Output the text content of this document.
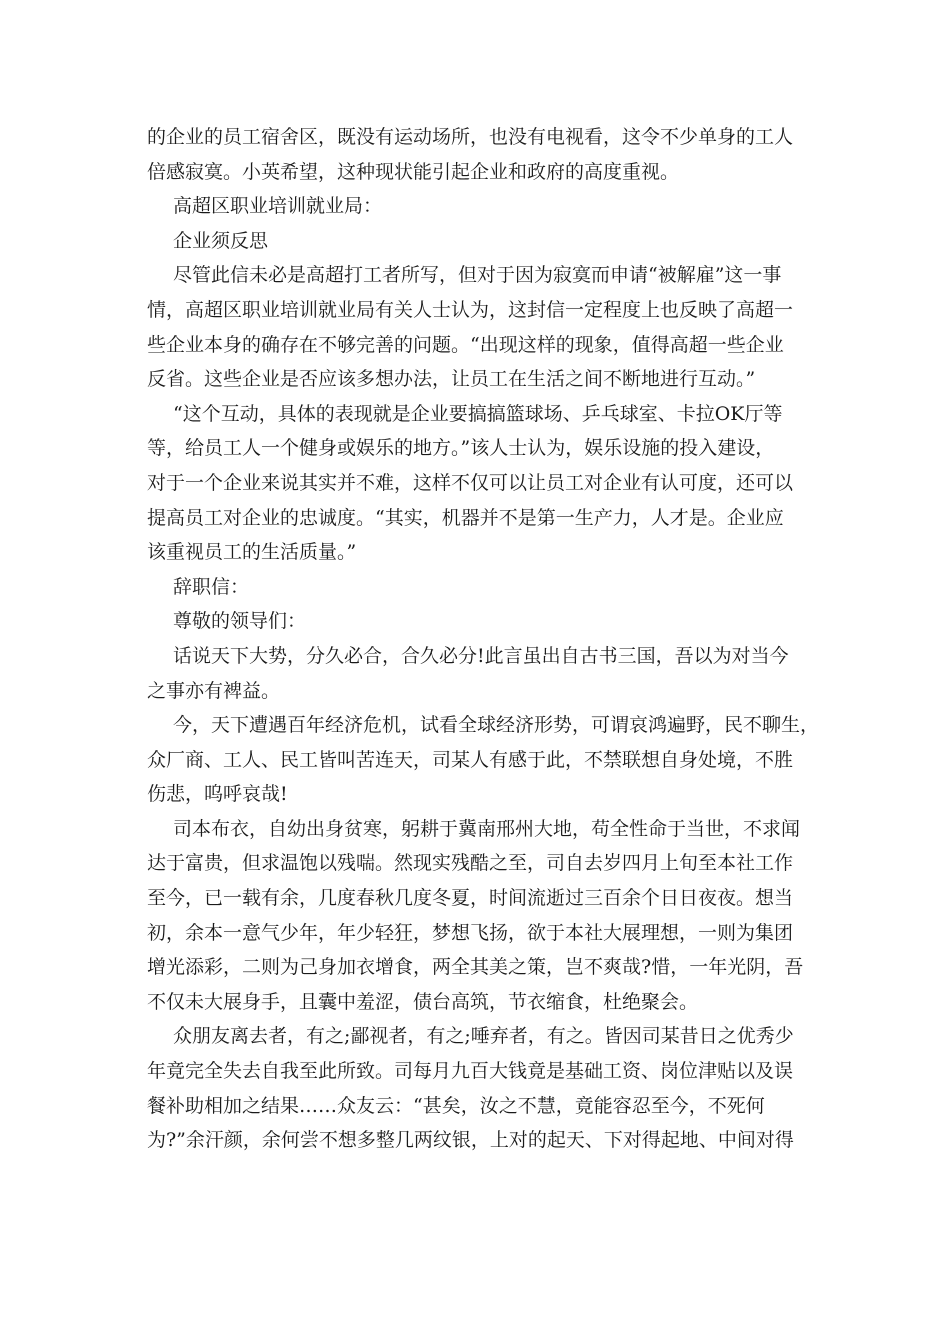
的企业的员工宿舍区，既没有运动场所，也没有电视看，这令不少单身的工人
倍感寂寞。小英希望，这种现状能引起企业和政府的高度重视。
高超区职业培训就业局：
企业须反思
尽管此信未必是高超打工者所写，但对于因为寂寞而申请“被解雇”这一事
情，高超区职业培训就业局有关人士认为，这封信一定程度上也反映了高超一
些企业本身的确存在不够完善的问题。“出现这样的现象，值得高超一些企业
反省。这些企业是否应该多想办法，让员工在生活之间不断地进行互动。”
“这个互动，具体的表现就是企业要搞搞篮球场、乒乓球室、卡拉OK厅等
等，给员工人一个健身或娱乐的地方。”该人士认为，娱乐设施的投入建设，
对于一个企业来说其实并不难，这样不仅可以让员工对企业有认可度，还可以
提高员工对企业的忠诚度。“其实，机器并不是第一生产力，人才是。企业应
该重视员工的生活质量。”
辞职信：
尊敬的领导们：
话说天下大势，分久必合，合久必分!此言虽出自古书三国，吾以为对当今
之事亦有裨益。
今，天下遭遇百年经济危机，试看全球经济形势，可谓哀鸿遍野，民不聊生，
众厂商、工人、民工皆叫苦连天，司某人有感于此，不禁联想自身处境，不胜
伤悲，呜呼哀哉!
司本布衣，自幼出身贫寒，躬耕于冀南邢州大地，苟全性命于当世，不求闻
达于富贵，但求温饱以残喘。然现实残酷之至，司自去岁四月上旬至本社工作
至今，已一载有余，几度春秋几度冬夏，时间流逝过三百余个日日夜夜。想当
初，余本一意气少年，年少轻狂，梦想飞扬，欲于本社大展理想，一则为集团
增光添彩，二则为己身加衣增食，两全其美之策，岂不爽哉?惜，一年光阴，吾
不仅未大展身手，且囊中羞涩，债台高筑，节衣缩食，杜绝聚会。
众朋友离去者，有之;鄙视者，有之;唾弃者，有之。皆因司某昔日之优秀少
年竟完全失去自我至此所致。司每月九百大钱竟是基础工资、岗位津贴以及误
餐补助相加之结果……众友云：“甚矣，汝之不慧，竟能容忍至今，不死何
为?”余汗颜，余何尝不想多整几两纹银，上对的起天、下对得起地、中间对得
